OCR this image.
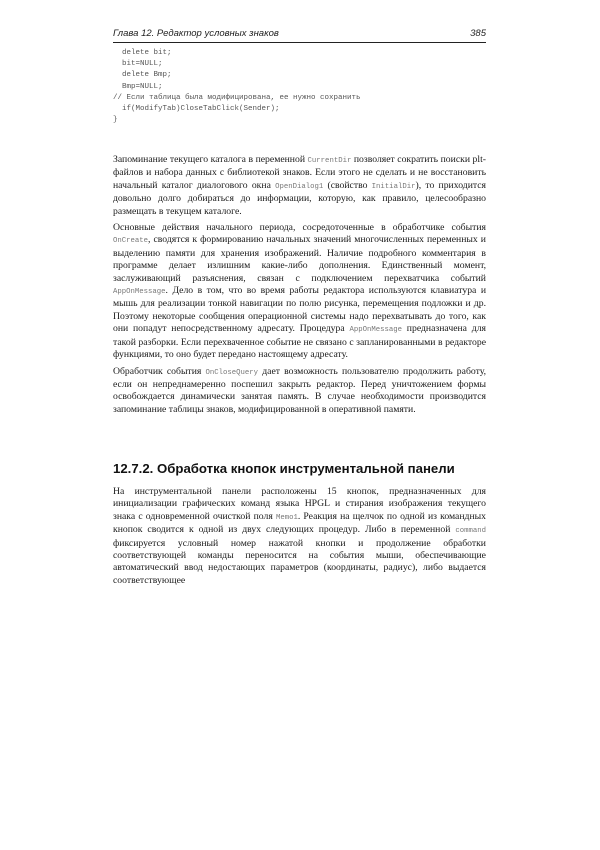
Глава 12. Редактор условных знаков	385
delete bit;
bit=NULL;
delete Bmp;
Bmp=NULL;
// Если таблица была модифицирована, ее нужно сохранить
if(ModifyTab)CloseTabClick(Sender);
}

Запоминание текущего каталога в переменной CurrentDir позволяет сократить поиски plt-файлов и набора данных с библиотекой знаков. Если этого не сделать и не восстановить начальный каталог диалогового окна OpenDialog1 (свойство InitialDir), то приходится довольно долго добираться до информации, которую, как правило, целесообразно размещать в текущем каталоге.

Основные действия начального периода, сосредоточенные в обработчике события OnCreate, сводятся к формированию начальных значений многочисленных переменных и выделению памяти для хранения изображений. Наличие подробного комментария в программе делает излишним какие-либо дополнения. Единственный момент, заслуживающий разъяснения, связан с подключением перехватчика событий AppOnMessage. Дело в том, что во время работы редактора используются клавиатура и мышь для реализации тонкой навигации по полю рисунка, перемещения подложки и др. Поэтому некоторые сообщения операционной системы надо перехватывать до того, как они попадут непосредственному адресату. Процедура AppOnMessage предназначена для такой разборки. Если перехваченное событие не связано с запланированными в редакторе функциями, то оно будет передано настоящему адресату.

Обработчик события OnCloseQuery дает возможность пользователю продолжить работу, если он непреднамеренно поспешил закрыть редактор. Перед уничтожением формы освобождается динамически занятая память. В случае необходимости производится запоминание таблицы знаков, модифицированной в оперативной памяти.

12.7.2. Обработка кнопок инструментальной панели

На инструментальной панели расположены 15 кнопок, предназначенных для инициализации графических команд языка HPGL и стирания изображения текущего знака с одновременной очисткой поля Memo1. Реакция на щелчок по одной из командных кнопок сводится к одной из двух следующих процедур. Либо в переменной command фиксируется условный номер нажатой кнопки и продолжение обработки соответствующей команды переносится на события мыши, обеспечивающие автоматический ввод недостающих параметров (координаты, радиус), либо выдается соответствующее
